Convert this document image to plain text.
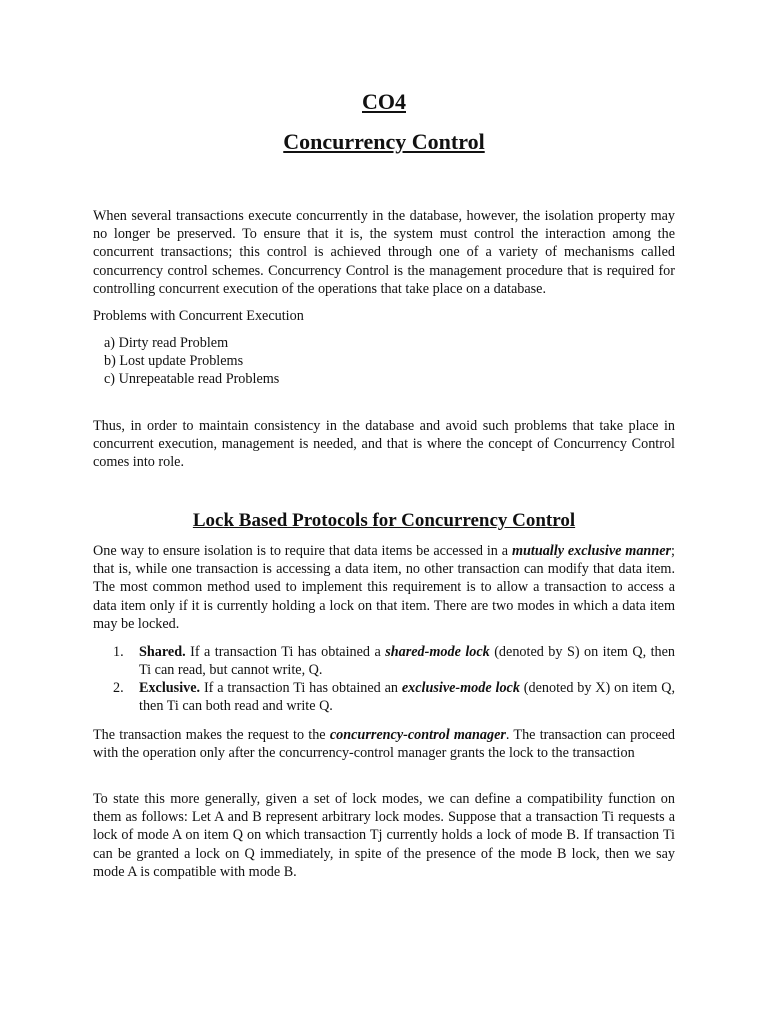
CO4
Concurrency Control

When several transactions execute concurrently in the database, however, the isolation property may no longer be preserved. To ensure that it is, the system must control the interaction among the concurrent transactions; this control is achieved through one of a variety of mechanisms called concurrency control schemes. Concurrency Control is the management procedure that is required for controlling concurrent execution of the operations that take place on a database.

Problems with Concurrent Execution

a) Dirty read Problem
b) Lost update Problems
c) Unrepeatable read Problems

Thus, in order to maintain consistency in the database and avoid such problems that take place in concurrent execution, management is needed, and that is where the concept of Concurrency Control comes into role.

Lock Based Protocols for Concurrency Control

One way to ensure isolation is to require that data items be accessed in a mutually exclusive manner; that is, while one transaction is accessing a data item, no other transaction can modify that data item. The most common method used to implement this requirement is to allow a transaction to access a data item only if it is currently holding a lock on that item. There are two modes in which a data item may be locked.

1. Shared. If a transaction Ti has obtained a shared-mode lock (denoted by S) on item Q, then Ti can read, but cannot write, Q.
2. Exclusive. If a transaction Ti has obtained an exclusive-mode lock (denoted by X) on item Q, then Ti can both read and write Q.

The transaction makes the request to the concurrency-control manager. The transaction can proceed with the operation only after the concurrency-control manager grants the lock to the transaction

To state this more generally, given a set of lock modes, we can define a compatibility function on them as follows: Let A and B represent arbitrary lock modes. Suppose that a transaction Ti requests a lock of mode A on item Q on which transaction Tj currently holds a lock of mode B. If transaction Ti can be granted a lock on Q immediately, in spite of the presence of the mode B lock, then we say mode A is compatible with mode B.
